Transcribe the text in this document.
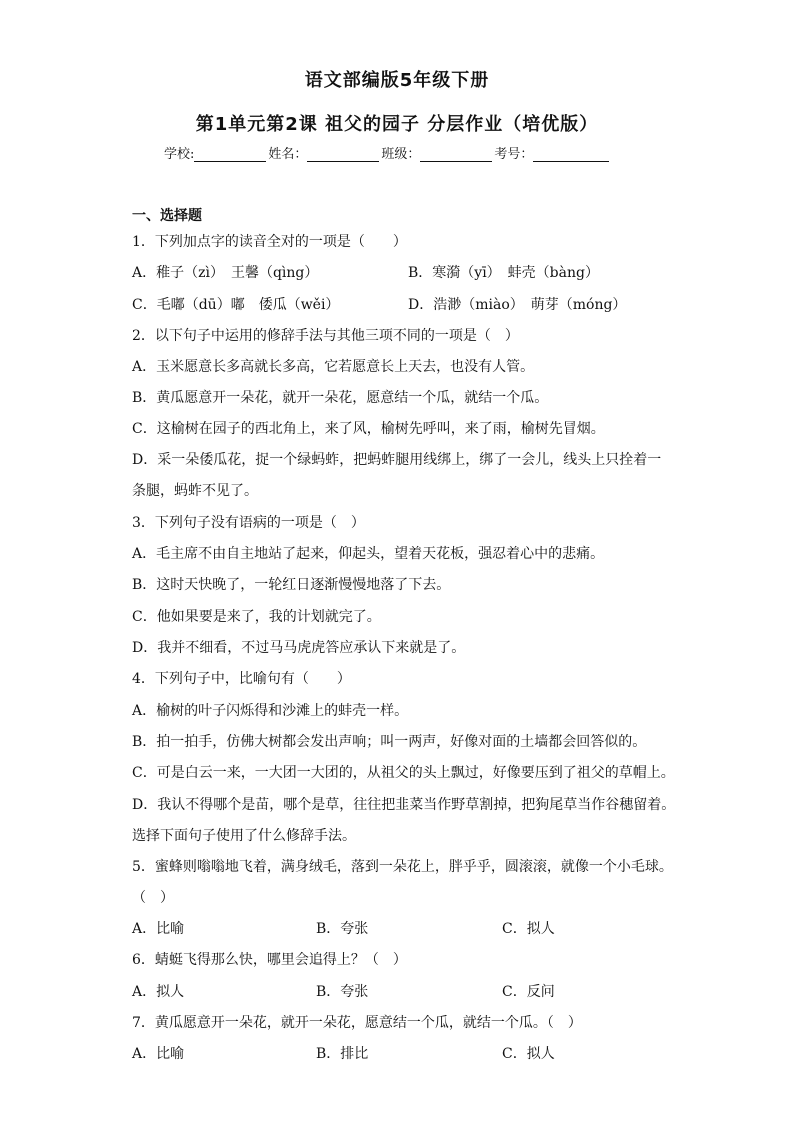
语文部编版5年级下册
第1单元第2课 祖父的园子 分层作业（培优版）
学校:	姓名：	班级：	考号：
一、选择题
1．下列加点字的读音全对的一项是（　　）
A．稚子（zì）　王馨（qìng）	B．寒漪（yī）　蚌壳（bàng）
C．毛嘟（dū）嘟　倭瓜（wěi）	D．浩渺（miào）　萌芽（móng）
2．以下句子中运用的修辞手法与其他三项不同的一项是（　）
A．玉米愿意长多高就长多高，它若愿意长上天去，也没有人管。
B．黄瓜愿意开一朵花，就开一朵花，愿意结一个瓜，就结一个瓜。
C．这榆树在园子的西北角上，来了风，榆树先呼叫，来了雨，榆树先冒烟。
D．采一朵倭瓜花，捉一个绿蚂蚱，把蚂蚱腿用线绑上，绑了一会儿，线头上只拴着一
条腿，蚂蚱不见了。
3．下列句子没有语病的一项是（　）
A．毛主席不由自主地站了起来，仰起头，望着天花板，强忍着心中的悲痛。
B．这时天快晚了，一轮红日逐渐慢慢地落了下去。
C．他如果要是来了，我的计划就完了。
D．我并不细看，不过马马虎虎答应承认下来就是了。
4．下列句子中，比喻句有（　　）
A．榆树的叶子闪烁得和沙滩上的蚌壳一样。
B．拍一拍手，仿佛大树都会发出声响；叫一两声，好像对面的土墙都会回答似的。
C．可是白云一来，一大团一大团的，从祖父的头上飘过，好像要压到了祖父的草帽上。
D．我认不得哪个是苗，哪个是草，往往把韭菜当作野草割掉，把狗尾草当作谷穗留着。
选择下面句子使用了什么修辞手法。
5．蜜蜂则嗡嗡地飞着，满身绒毛，落到一朵花上，胖乎乎，圆滚滚，就像一个小毛球。
（　）
A．比喻	B．夸张	C．拟人
6．蜻蜓飞得那么快，哪里会追得上？（　）
A．拟人	B．夸张	C．反问
7．黄瓜愿意开一朵花，就开一朵花，愿意结一个瓜，就结一个瓜。（　）
A．比喻	B．排比	C．拟人
